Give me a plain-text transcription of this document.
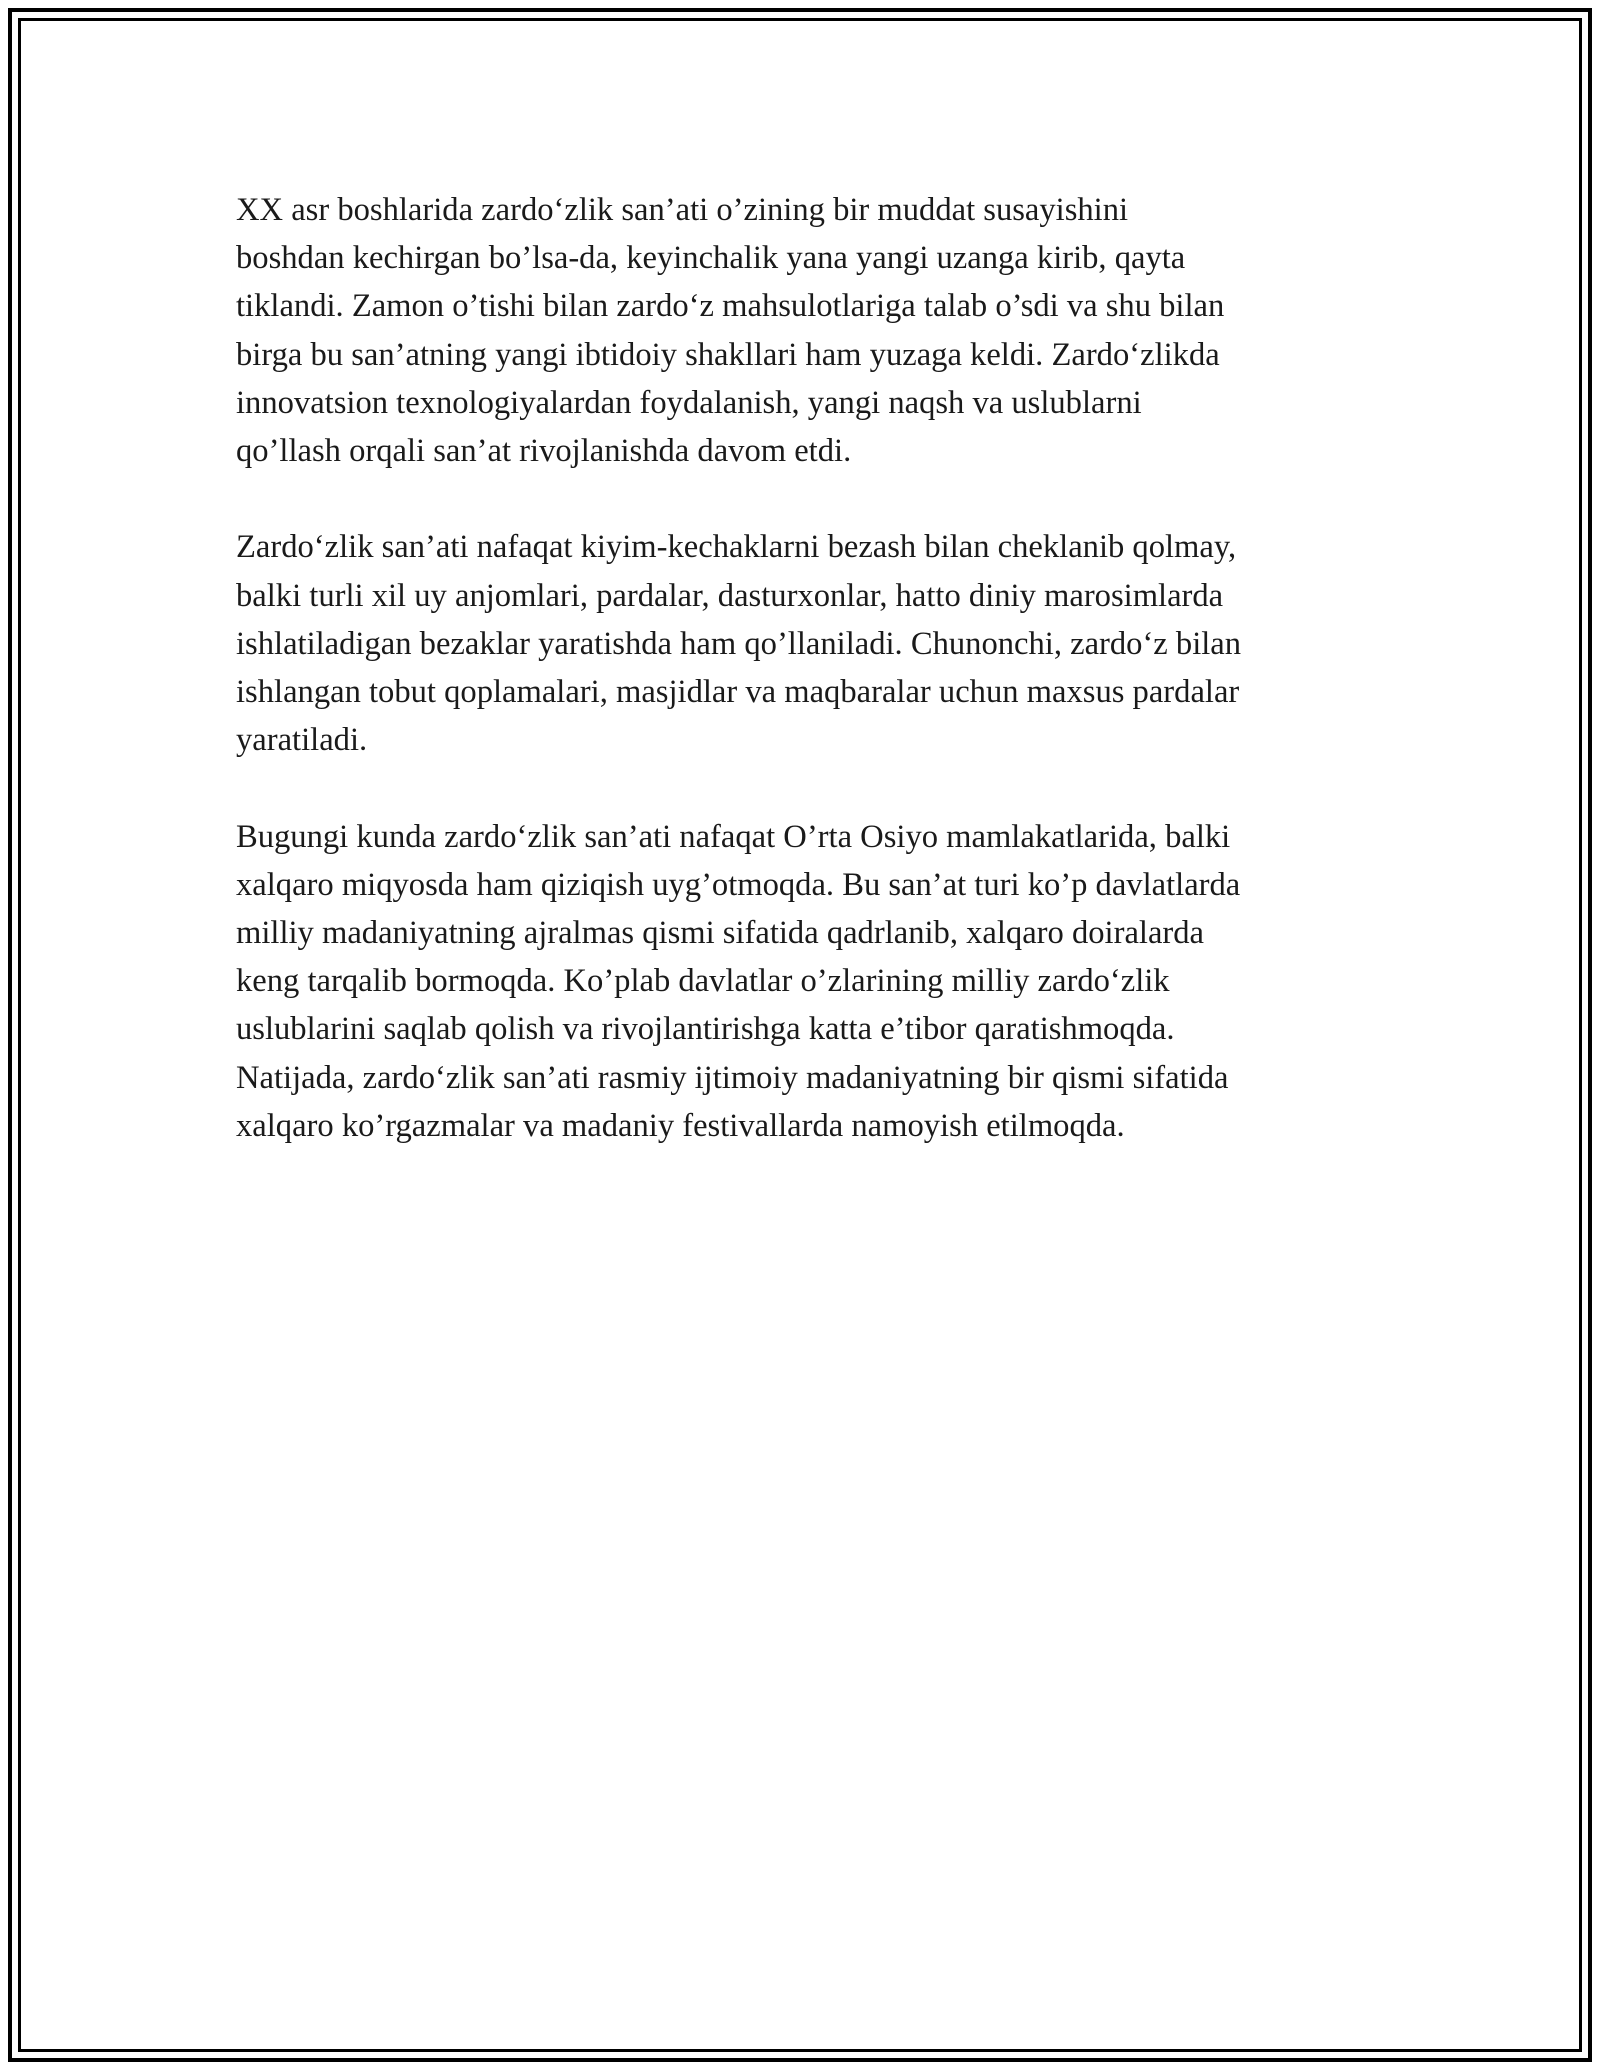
XX asr boshlarida zardo‘zlik san’ati o’zining bir muddat susayishini
boshdan kechirgan bo’lsa-da, keyinchalik yana yangi uzanga kirib, qayta
tiklandi. Zamon o’tishi bilan zardo‘z mahsulotlariga talab o’sdi va shu bilan
birga bu san’atning yangi ibtidoiy shakllari ham yuzaga keldi. Zardo‘zlikda
innovatsion texnologiyalardan foydalanish, yangi naqsh va uslublarni
qo’llash orqali san’at rivojlanishda davom etdi.

Zardo‘zlik san’ati nafaqat kiyim-kechaklarni bezash bilan cheklanib qolmay,
balki turli xil uy anjomlari, pardalar, dasturxonlar, hatto diniy marosimlarda
ishlatiladigan bezaklar yaratishda ham qo’llaniladi. Chunonchi, zardo‘z bilan
ishlangan tobut qoplamalari, masjidlar va maqbaralar uchun maxsus pardalar
yaratiladi.

Bugungi kunda zardo‘zlik san’ati nafaqat O’rta Osiyo mamlakatlarida, balki
xalqaro miqyosda ham qiziqish uyg’otmoqda. Bu san’at turi ko’p davlatlarda
milliy madaniyatning ajralmas qismi sifatida qadrlanib, xalqaro doiralarda
keng tarqalib bormoqda. Ko’plab davlatlar o’zlarining milliy zardo‘zlik
uslublarini saqlab qolish va rivojlantirishga katta e’tibor qaratishmoqda.
Natijada, zardo‘zlik san’ati rasmiy ijtimoiy madaniyatning bir qismi sifatida
xalqaro ko’rgazmalar va madaniy festivallarda namoyish etilmoqda.
